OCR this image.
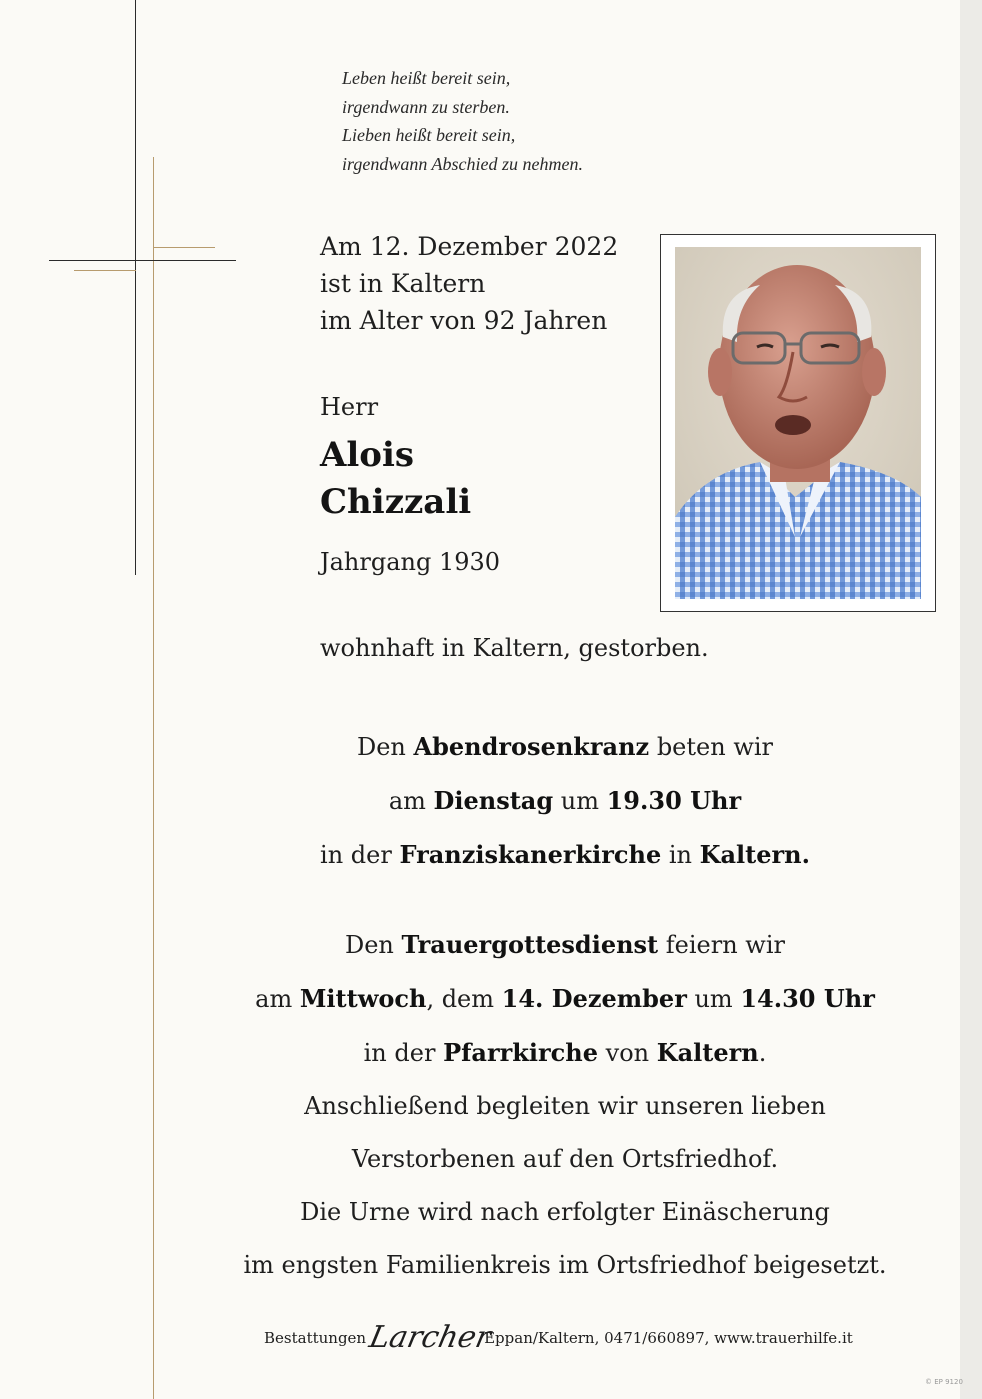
Leben heißt bereit sein,
irgendwann zu sterben.
Lieben heißt bereit sein,
irgendwann Abschied zu nehmen.
Am 12. Dezember 2022
ist in Kaltern
im Alter von 92 Jahren
Herr
Alois
Chizzali
Jahrgang 1930
wohnhaft in Kaltern, gestorben.
Den Abendrosenkranz beten wir
am Dienstag um 19.30 Uhr
in der Franziskanerkirche in Kaltern.
Den Trauergottesdienst feiern wir
am Mittwoch, dem 14. Dezember um 14.30 Uhr
in der Pfarrkirche von Kaltern.
Anschließend begleiten wir unseren lieben
Verstorbenen auf den Ortsfriedhof.
Die Urne wird nach erfolgter Einäscherung
im engsten Familienkreis im Ortsfriedhof beigesetzt.
Bestattungen Larcher
Eppan/Kaltern, 0471/660897, www.trauerhilfe.it
© EP 9120
